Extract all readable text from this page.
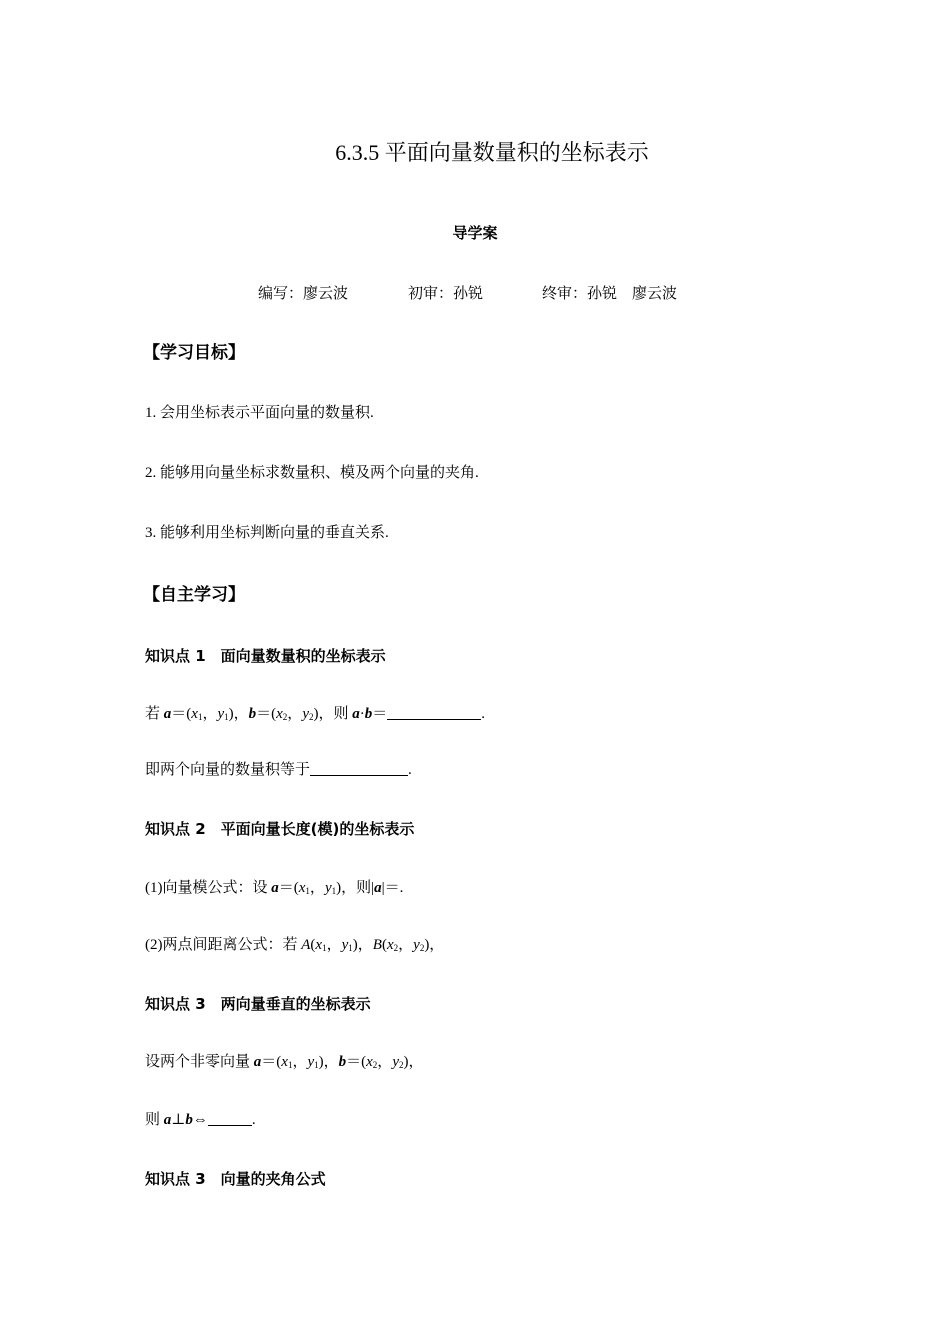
6.3.5 平面向量数量积的坐标表示
导学案
编写：廖云波	初审：孙锐	终审：孙锐　廖云波
【学习目标】
1. 会用坐标表示平面向量的数量积.
2. 能够用向量坐标求数量积、模及两个向量的夹角.
3. 能够利用坐标判断向量的垂直关系.
【自主学习】
知识点 1　面向量数量积的坐标表示
若 $a=(x_1$，$y_1$)，$b=(x_2$，$y_2$)，则 a·b＝	.
即两个向量的数量积等于	.
知识点 2　平面向量长度(模)的坐标表示
(1)向量模公式：设 $a=(x_1$，$y_1$)，则|a|＝.
(2)两点间距离公式：若 $A(x_1$，$y_1$)，$B(x_2$，$y_2$)，
知识点 3　两向量垂直的坐标表示
设两个非零向量 $a=(x_1$，$y_1$)，$b=(x_2$，$y_2$)，
则 a⊥b⇔	.
知识点 3　向量的夹角公式
